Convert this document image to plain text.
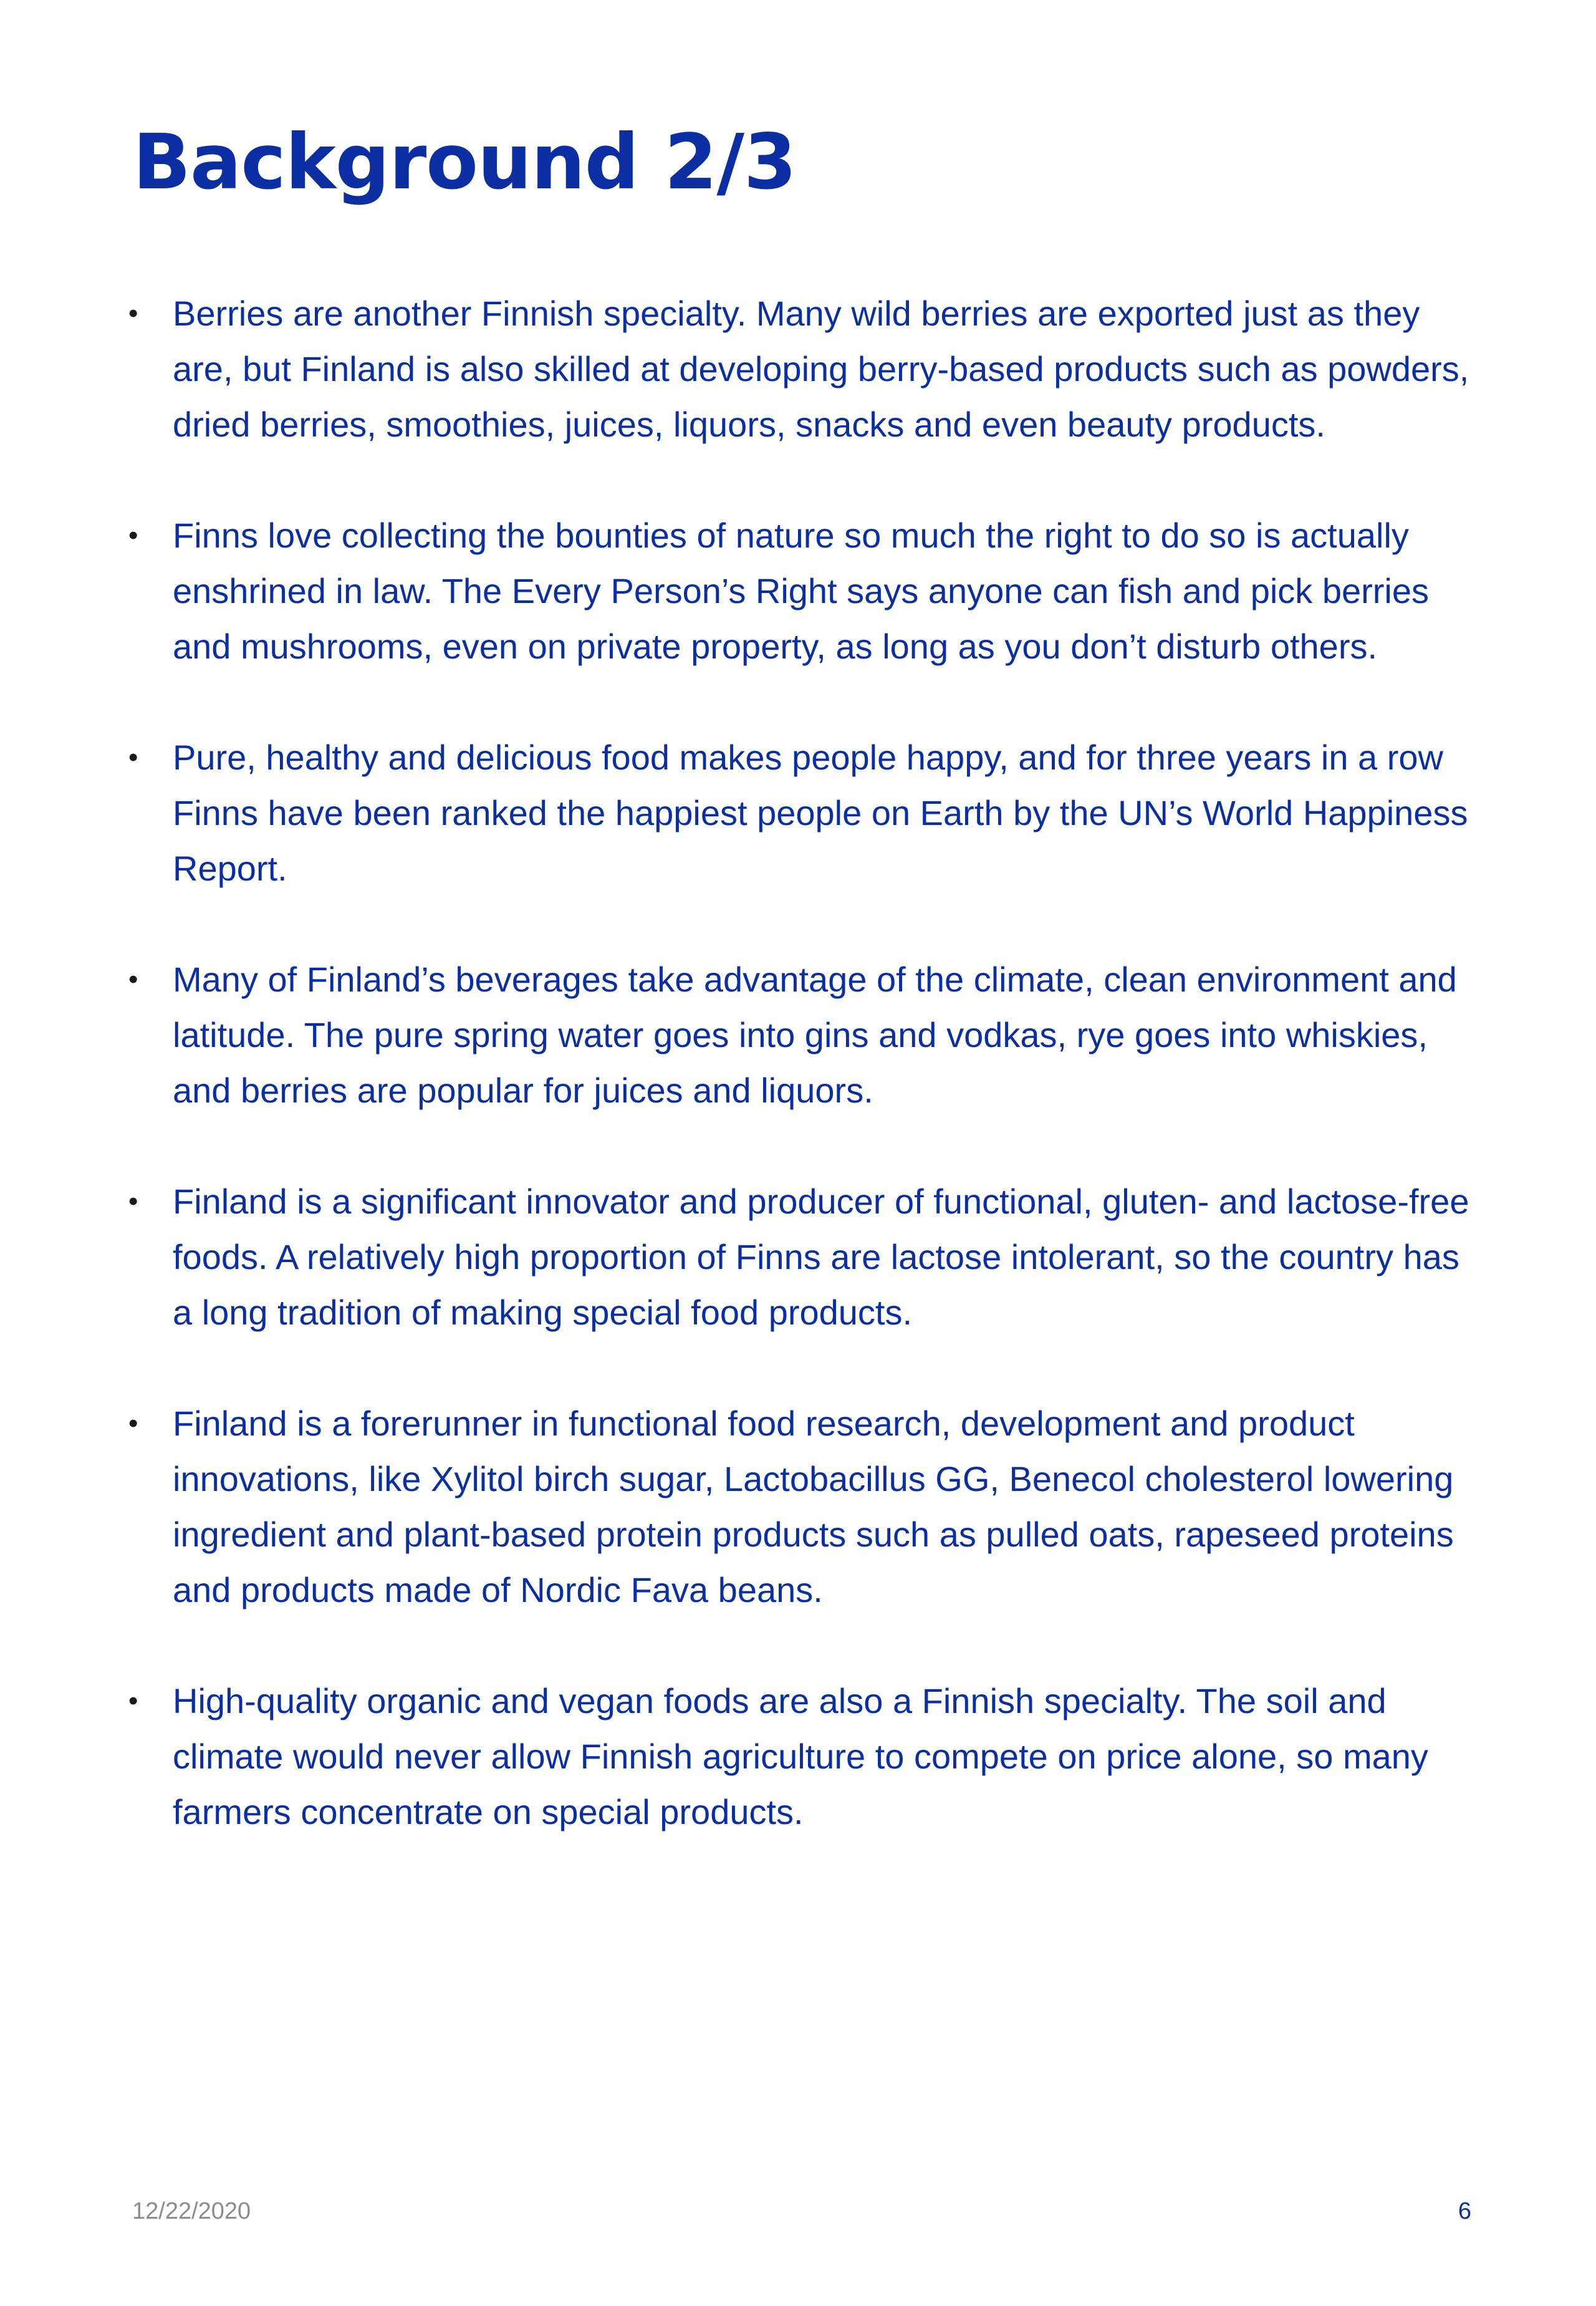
Background 2/3
• Berries are another Finnish specialty. Many wild berries are exported just as they are, but Finland is also skilled at developing berry-based products such as powders, dried berries, smoothies, juices, liquors, snacks and even beauty products.
• Finns love collecting the bounties of nature so much the right to do so is actually enshrined in law. The Every Person’s Right says anyone can fish and pick berries and mushrooms, even on private property, as long as you don’t disturb others.
• Pure, healthy and delicious food makes people happy, and for three years in a row Finns have been ranked the happiest people on Earth by the UN’s World Happiness Report.
• Many of Finland’s beverages take advantage of the climate, clean environment and latitude. The pure spring water goes into gins and vodkas, rye goes into whiskies, and berries are popular for juices and liquors.
• Finland is a significant innovator and producer of functional, gluten- and lactose-free foods. A relatively high proportion of Finns are lactose intolerant, so the country has a long tradition of making special food products.
• Finland is a forerunner in functional food research, development and product innovations, like Xylitol birch sugar, Lactobacillus GG, Benecol cholesterol lowering ingredient and plant-based protein products such as pulled oats, rapeseed proteins and products made of Nordic Fava beans.
• High-quality organic and vegan foods are also a Finnish specialty. The soil and climate would never allow Finnish agriculture to compete on price alone, so many farmers concentrate on special products.
12/22/2020	6
